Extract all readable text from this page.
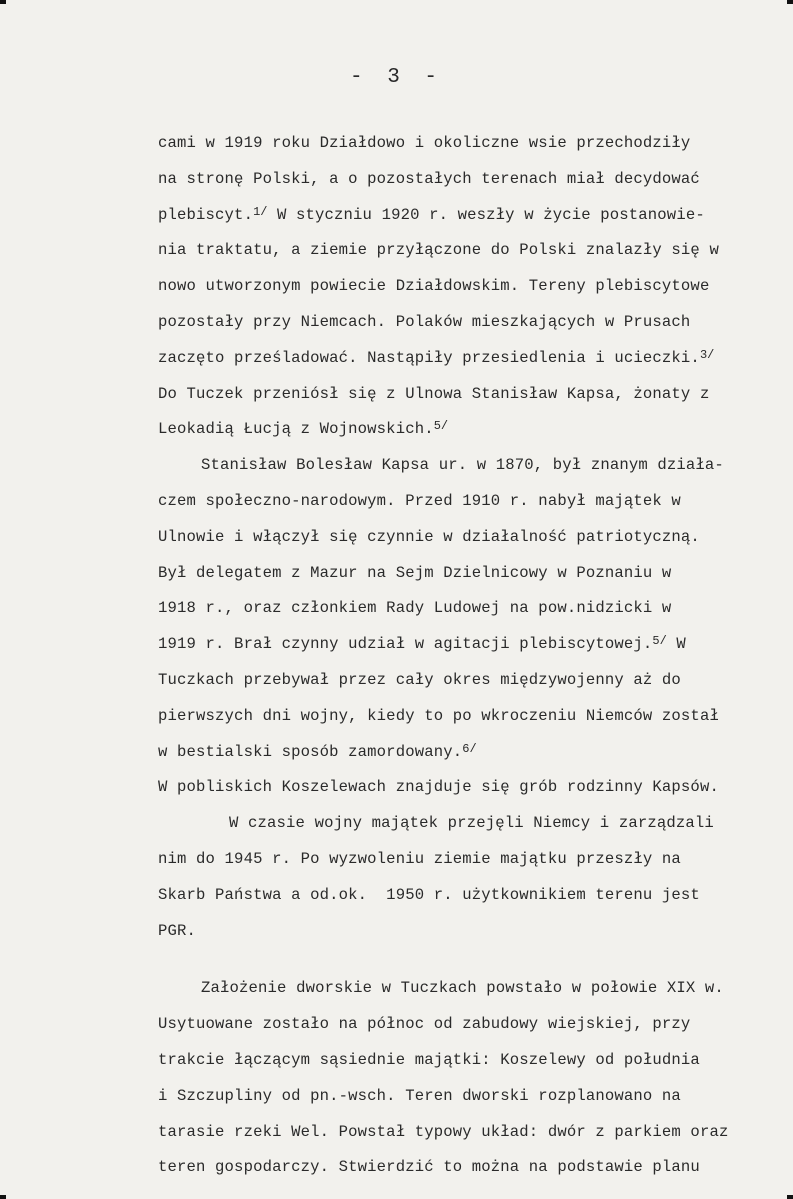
- 3 -
cami w 1919 roku Działdowo i okoliczne wsie przechodziły
na stronę Polski, a o pozostałych terenach miał decydować
plebiscyt.$^{1/}$ W styczniu 1920 r. weszły w życie postanowie-
nia traktatu, a ziemie przyłączone do Polski znalazły się w
nowo utworzonym powiecie Działdowskim. Tereny plebiscytowe
pozostały przy Niemcach. Polaków mieszkających w Prusach
zaczęto prześladować. Nastąpiły przesiedlenia i ucieczki.$^{3/}$
Do Tuczek przeniósł się z Ulnowa Stanisław Kapsa, żonaty z
Leokadią Łucją z Wojnowskich.$^{5/}$
Stanisław Bolesław Kapsa ur. w 1870, był znanym działa-
czem społeczno-narodowym. Przed 1910 r. nabył majątek w
Ulnowie i włączył się czynnie w działalność patriotyczną.
Był delegatem z Mazur na Sejm Dzielnicowy w Poznaniu w
1918 r., oraz członkiem Rady Ludowej na pow.nidzicki w
1919 r. Brał czynny udział w agitacji plebiscytowej.$^{5/}$ W
Tuczkach przebywał przez cały okres międzywojenny aż do
pierwszych dni wojny, kiedy to po wkroczeniu Niemców został
w bestialski sposób zamordowany.$^{6/}$
W pobliskich Koszelewach znajduje się grób rodzinny Kapsów.
W czasie wojny majątek przejęli Niemcy i zarządzali
nim do 1945 r. Po wyzwoleniu ziemie majątku przeszły na
Skarb Państwa a od.ok.  1950 r. użytkownikiem terenu jest
PGR.
Założenie dworskie w Tuczkach powstało w połowie XIX w.
Usytuowane zostało na północ od zabudowy wiejskiej, przy
trakcie łączącym sąsiednie majątki: Koszelewy od południa
i Szczupliny od pn.-wsch. Teren dworski rozplanowano na
tarasie rzeki Wel. Powstał typowy układ: dwór z parkiem oraz
teren gospodarczy. Stwierdzić to można na podstawie planu
